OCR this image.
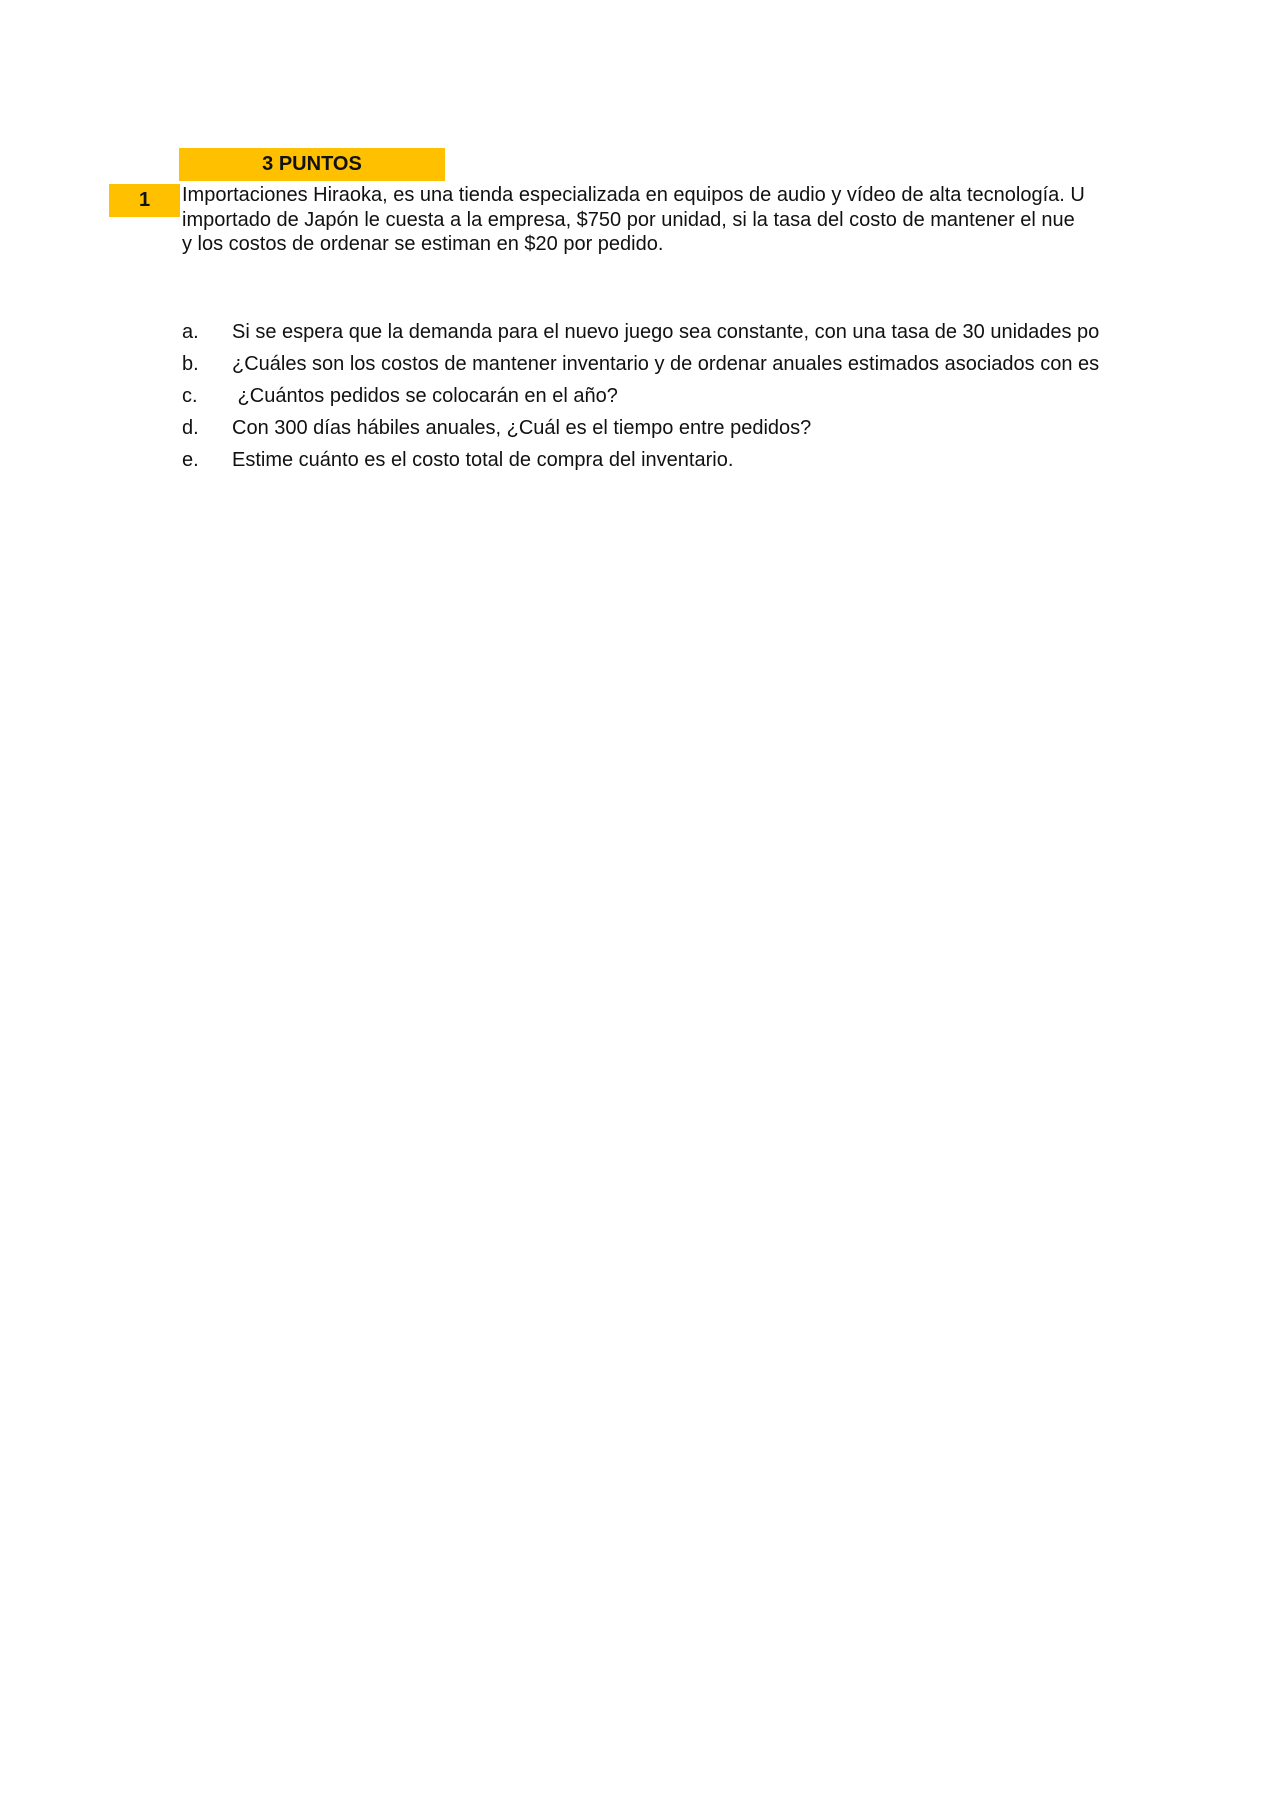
3 PUNTOS
1	Importaciones Hiraoka, es una tienda especializada en equipos de audio y vídeo de alta tecnología. U
importado de Japón le cuesta a la empresa, $750 por unidad, si la tasa del costo de mantener el nue
y los costos de ordenar se estiman en $20 por pedido.
a. Si se espera que la demanda para el nuevo juego sea constante, con una tasa de 30 unidades po
b. ¿Cuáles son los costos de mantener inventario y de ordenar anuales estimados asociados con es
c. ¿Cuántos pedidos se colocarán en el año?
d. Con 300 días hábiles anuales, ¿Cuál es el tiempo entre pedidos?
e. Estime cuánto es el costo total de compra del inventario.
